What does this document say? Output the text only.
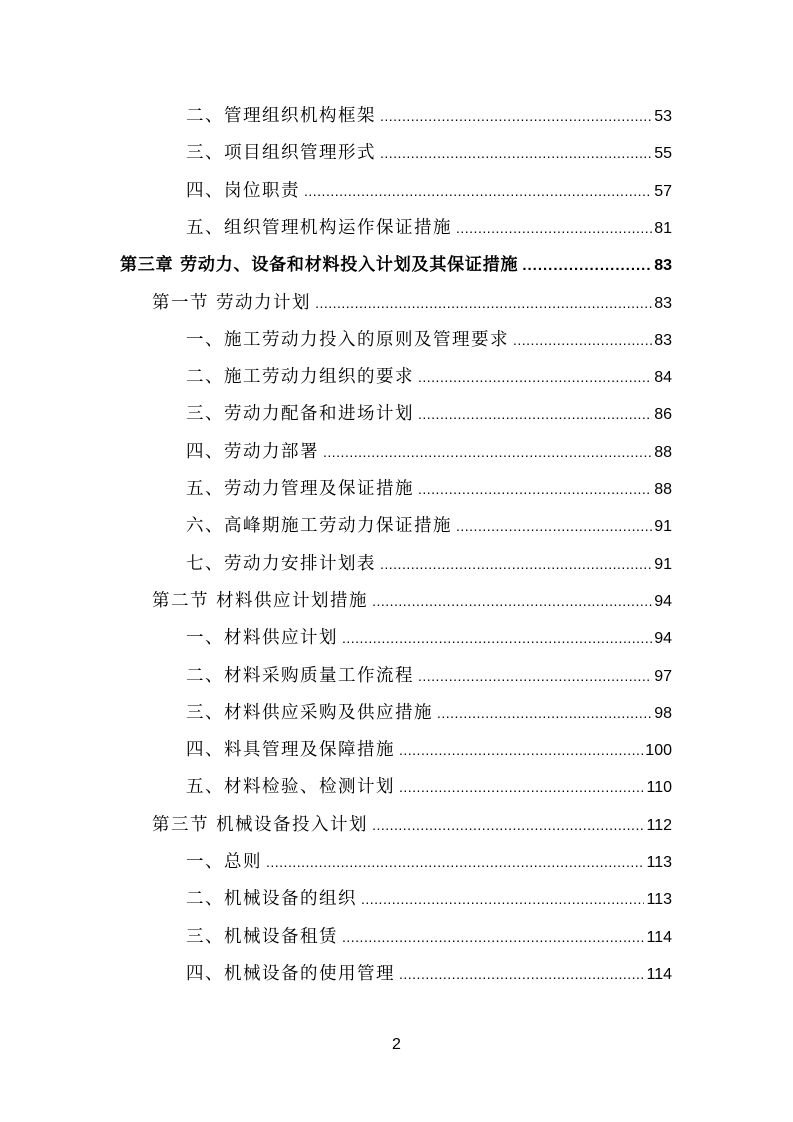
二、管理组织机构框架 .....	53
三、项目组织管理形式 .....	55
四、岗位职责 .....	57
五、组织管理机构运作保证措施 .....	81
第三章 劳动力、设备和材料投入计划及其保证措施 .....	83
第一节 劳动力计划 .....	83
一、施工劳动力投入的原则及管理要求 .....	83
二、施工劳动力组织的要求 .....	84
三、劳动力配备和进场计划 .....	86
四、劳动力部署 .....	88
五、劳动力管理及保证措施 .....	88
六、高峰期施工劳动力保证措施 .....	91
七、劳动力安排计划表 .....	91
第二节 材料供应计划措施 .....	94
一、材料供应计划 .....	94
二、材料采购质量工作流程 .....	97
三、材料供应采购及供应措施 .....	98
四、料具管理及保障措施 .....	100
五、材料检验、检测计划 .....	110
第三节 机械设备投入计划 .....	112
一、总则 .....	113
二、机械设备的组织 .....	113
三、机械设备租赁 .....	114
四、机械设备的使用管理 .....	114
2
